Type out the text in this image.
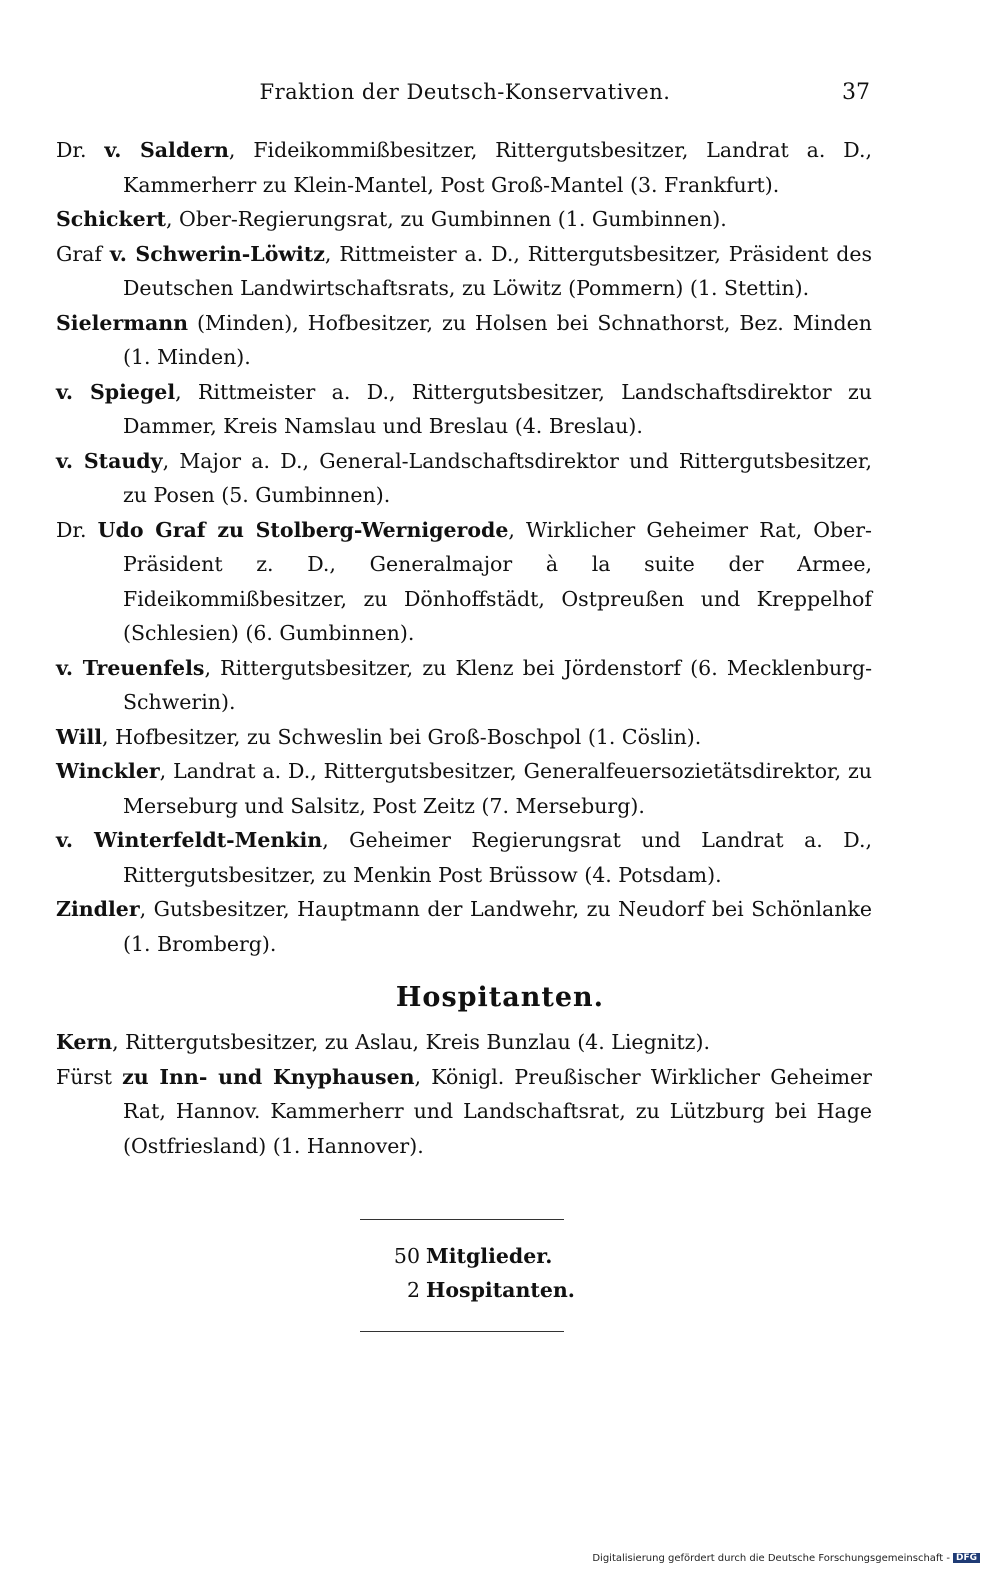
Fraktion der Deutsch-Konservativen.	37
Dr. v. Saldern, Fideikommißbesitzer, Rittergutsbesitzer, Landrat a. D., Kammerherr zu Klein-Mantel, Post Groß-Mantel (3. Frankfurt).
Schickert, Ober-Regierungsrat, zu Gumbinnen (1. Gumbinnen).
Graf v. Schwerin-Löwitz, Rittmeister a. D., Rittergutsbesitzer, Präsident des Deutschen Landwirtschaftsrats, zu Löwitz (Pommern) (1. Stettin).
Sielermann (Minden), Hofbesitzer, zu Holsen bei Schnathorst, Bez. Minden (1. Minden).
v. Spiegel, Rittmeister a. D., Rittergutsbesitzer, Landschaftsdirektor zu Dammer, Kreis Namslau und Breslau (4. Breslau).
v. Staudy, Major a. D., General-Landschaftsdirektor und Rittergutsbesitzer, zu Posen (5. Gumbinnen).
Dr. Udo Graf zu Stolberg-Wernigerode, Wirklicher Geheimer Rat, Ober-Präsident z. D., Generalmajor à la suite der Armee, Fideikommißbesitzer, zu Dönhoffstädt, Ostpreußen und Kreppelhof (Schlesien) (6. Gumbinnen).
v. Treuenfels, Rittergutsbesitzer, zu Klenz bei Jördenstorf (6. Mecklenburg-Schwerin).
Will, Hofbesitzer, zu Schweslin bei Groß-Boschpol (1. Cöslin).
Winckler, Landrat a. D., Rittergutsbesitzer, Generalfeuersozietätsdirektor, zu Merseburg und Salsitz, Post Zeitz (7. Merseburg).
v. Winterfeldt-Menkin, Geheimer Regierungsrat und Landrat a. D., Rittergutsbesitzer, zu Menkin Post Brüssow (4. Potsdam).
Zindler, Gutsbesitzer, Hauptmann der Landwehr, zu Neudorf bei Schönlanke (1. Bromberg).
Hospitanten.
Kern, Rittergutsbesitzer, zu Aslau, Kreis Bunzlau (4. Liegnitz).
Fürst zu Inn- und Knyphausen, Königl. Preußischer Wirklicher Geheimer Rat, Hannov. Kammerherr und Landschaftsrat, zu Lützburg bei Hage (Ostfriesland) (1. Hannover).
50 Mitglieder.
2 Hospitanten.
Digitalisierung gefördert durch die Deutsche Forschungsgemeinschaft - DFG
